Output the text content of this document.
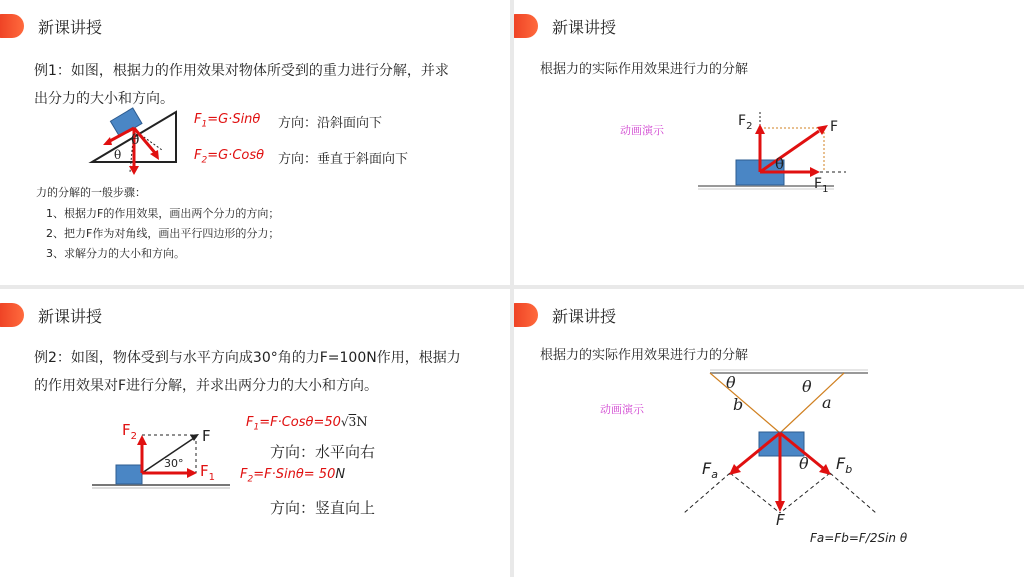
新课讲授
例1：如图，根据力的作用效果对物体所受到的重力进行分解，并求
出分力的大小和方向。
θ
θ
$F_1=G\cdot Sin\theta$ 方向：沿斜面向下
$F_2=G\cdot Cos\theta$ 方向：垂直于斜面向下
力的分解的一般步骤：
1、根据力F的作用效果，画出两个分力的方向；
2、把力F作为对角线，画出平行四边形的分力；
3、求解分力的大小和方向。
新课讲授
根据力的实际作用效果进行力的分解
动画演示	F
$F_2$
$F_1$
θ
新课讲授
例2：如图，物体受到与水平方向成30°角的力F=100N作用，根据力
的作用效果对F进行分解，并求出两分力的大小和方向。
30°
F
$F_2$
$F_1$
$F_1=F\cdot Cos\theta=50√3N$
方向：水平向右
$F_2=F\cdot Sin\theta= 50N$
方向：竖直向上
新课讲授
根据力的实际作用效果进行力的分解
动画演示
θ	θ
b	a
θ
$F_a$
$F_b$
F
Fa=Fb=F/2Sin θ
